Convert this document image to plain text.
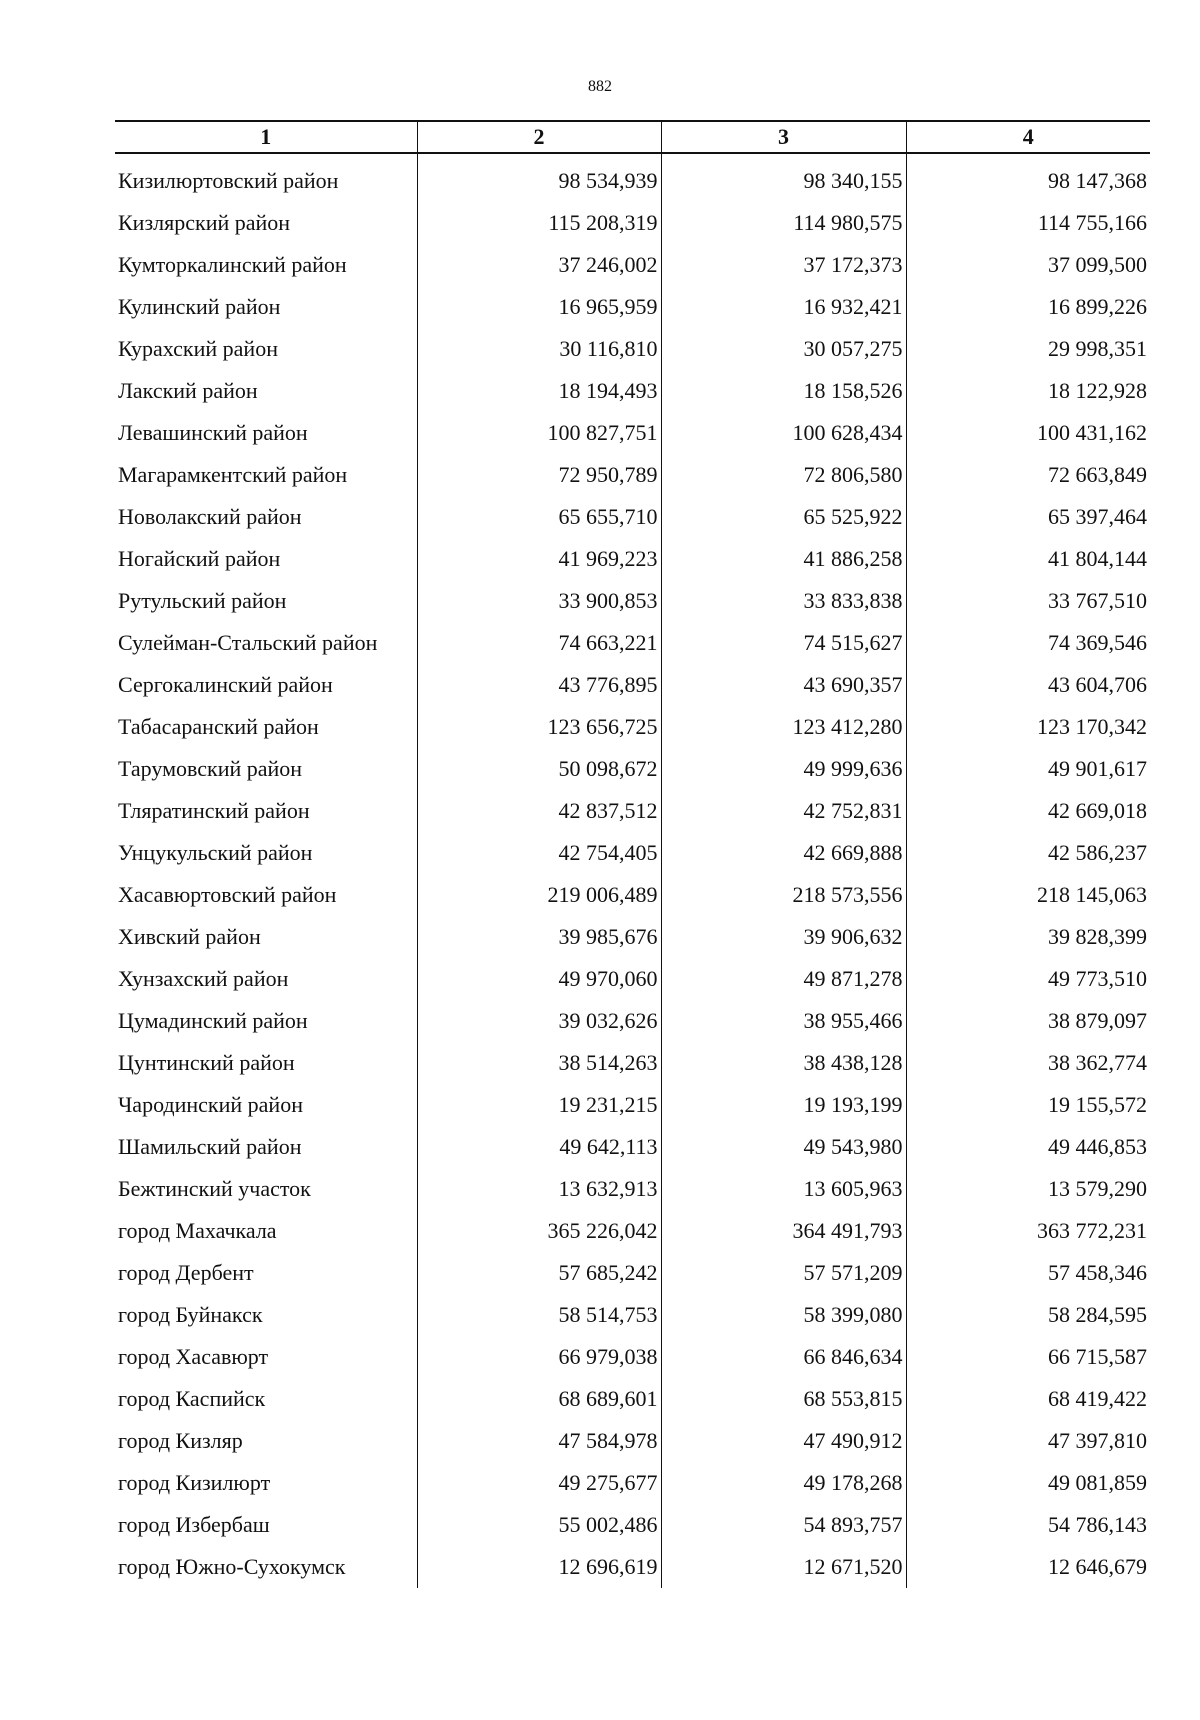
882
1	2	3	4
Кизилюртовский район	98 534,939	98 340,155	98 147,368
Кизлярский район	115 208,319	114 980,575	114 755,166
Кумторкалинский район	37 246,002	37 172,373	37 099,500
Кулинский район	16 965,959	16 932,421	16 899,226
Курахский район	30 116,810	30 057,275	29 998,351
Лакский район	18 194,493	18 158,526	18 122,928
Левашинский район	100 827,751	100 628,434	100 431,162
Магарамкентский район	72 950,789	72 806,580	72 663,849
Новолакский район	65 655,710	65 525,922	65 397,464
Ногайский район	41 969,223	41 886,258	41 804,144
Рутульский район	33 900,853	33 833,838	33 767,510
Сулейман-Стальский район	74 663,221	74 515,627	74 369,546
Сергокалинский район	43 776,895	43 690,357	43 604,706
Табасаранский район	123 656,725	123 412,280	123 170,342
Тарумовский район	50 098,672	49 999,636	49 901,617
Тляратинский район	42 837,512	42 752,831	42 669,018
Унцукульский район	42 754,405	42 669,888	42 586,237
Хасавюртовский район	219 006,489	218 573,556	218 145,063
Хивский район	39 985,676	39 906,632	39 828,399
Хунзахский район	49 970,060	49 871,278	49 773,510
Цумадинский район	39 032,626	38 955,466	38 879,097
Цунтинский район	38 514,263	38 438,128	38 362,774
Чародинский район	19 231,215	19 193,199	19 155,572
Шамильский район	49 642,113	49 543,980	49 446,853
Бежтинский участок	13 632,913	13 605,963	13 579,290
город Махачкала	365 226,042	364 491,793	363 772,231
город Дербент	57 685,242	57 571,209	57 458,346
город Буйнакск	58 514,753	58 399,080	58 284,595
город Хасавюрт	66 979,038	66 846,634	66 715,587
город Каспийск	68 689,601	68 553,815	68 419,422
город Кизляр	47 584,978	47 490,912	47 397,810
город Кизилюрт	49 275,677	49 178,268	49 081,859
город Избербаш	55 002,486	54 893,757	54 786,143
город Южно-Сухокумск	12 696,619	12 671,520	12 646,679
